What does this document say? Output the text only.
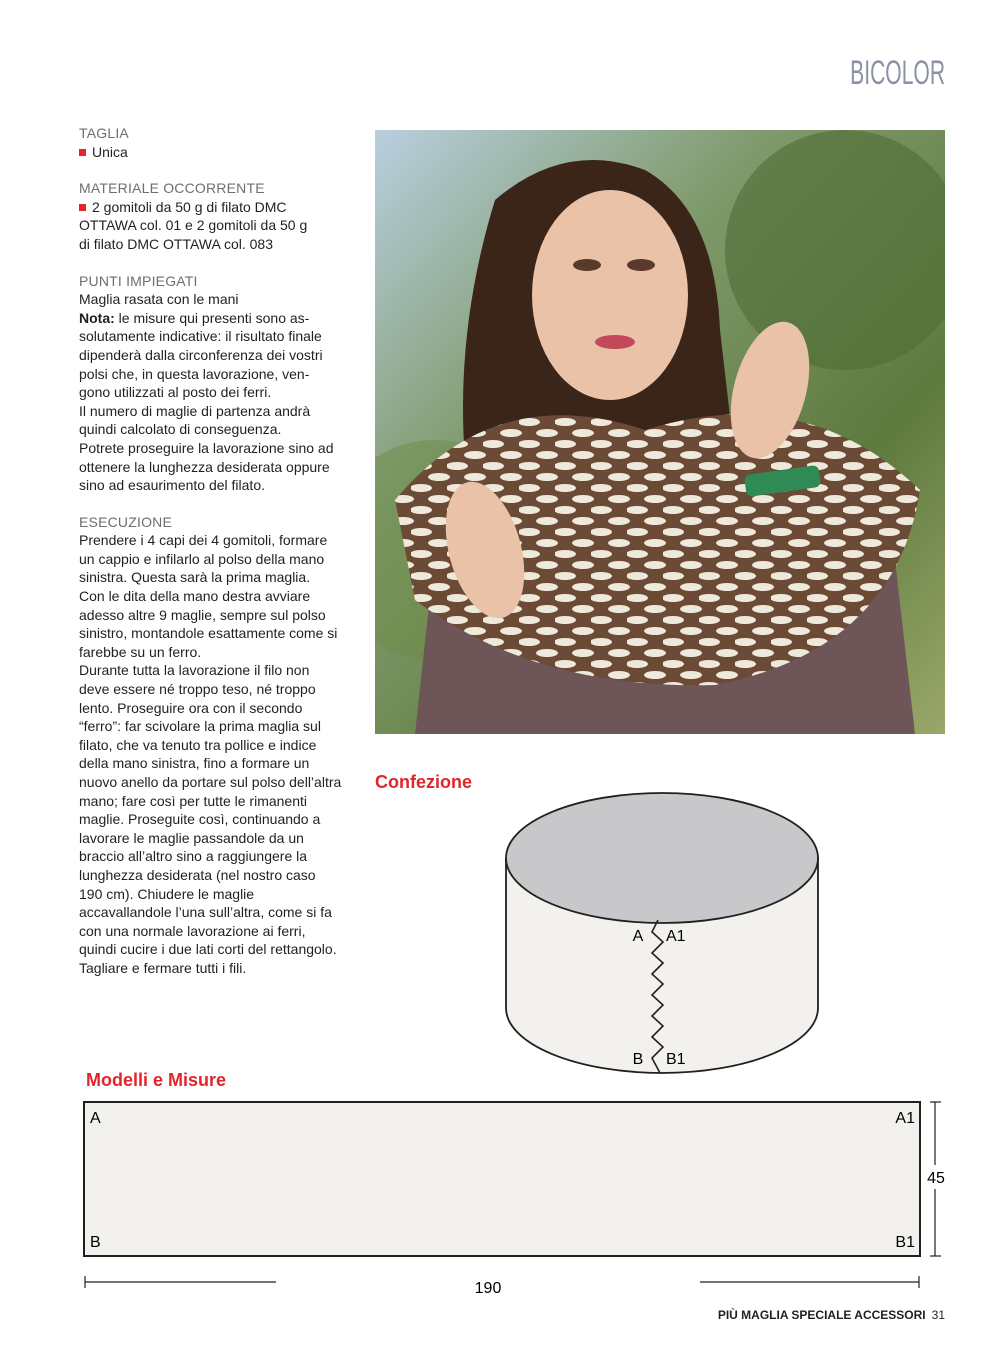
BICOLOR

TAGLIA

Unica

MATERIALE OCCORRENTE

2 gomitoli da 50 g di filato DMC

OTTAWA col. 01 e 2 gomitoli da 50 g

di filato DMC OTTAWA col. 083

PUNTI IMPIEGATI

Maglia rasata con le mani

Nota: le misure qui presenti sono as-

solutamente indicative: il risultato finale

dipenderà dalla circonferenza dei vostri

polsi che, in questa lavorazione, ven-

gono utilizzati al posto dei ferri.

Il numero di maglie di partenza andrà

quindi calcolato di conseguenza.

Potrete proseguire la lavorazione sino ad

ottenere la lunghezza desiderata oppure

sino ad esaurimento del filato.

ESECUZIONE

Prendere i 4 capi dei 4 gomitoli, formare

un cappio e infilarlo al polso della mano

sinistra. Questa sarà la prima maglia.

Con le dita della mano destra avviare

adesso altre 9 maglie, sempre sul polso

sinistro, montandole esattamente come si

farebbe su un ferro.

Durante tutta la lavorazione il filo non

deve essere né troppo teso, né troppo

lento. Proseguire ora con il secondo

“ferro”: far scivolare la prima maglia sul

filato, che va tenuto tra pollice e indice

della mano sinistra, fino a formare un

nuovo anello da portare sul polso dell’altra

mano; fare così per tutte le rimanenti

maglie. Proseguite così, continuando a

lavorare le maglie passandole da un

braccio all’altro sino a raggiungere la

lunghezza desiderata (nel nostro caso

190 cm). Chiudere le maglie

accavallandole l’una sull’altra, come si fa

con una normale lavorazione ai ferri,

quindi cucire i due lati corti del rettangolo.

Tagliare e fermare tutti i fili.

Confezione
A A1
B B1
Modelli e Misure
A	A1
B	B1
45
190
PIÙ MAGLIA SPECIALE ACCESSORI 31
